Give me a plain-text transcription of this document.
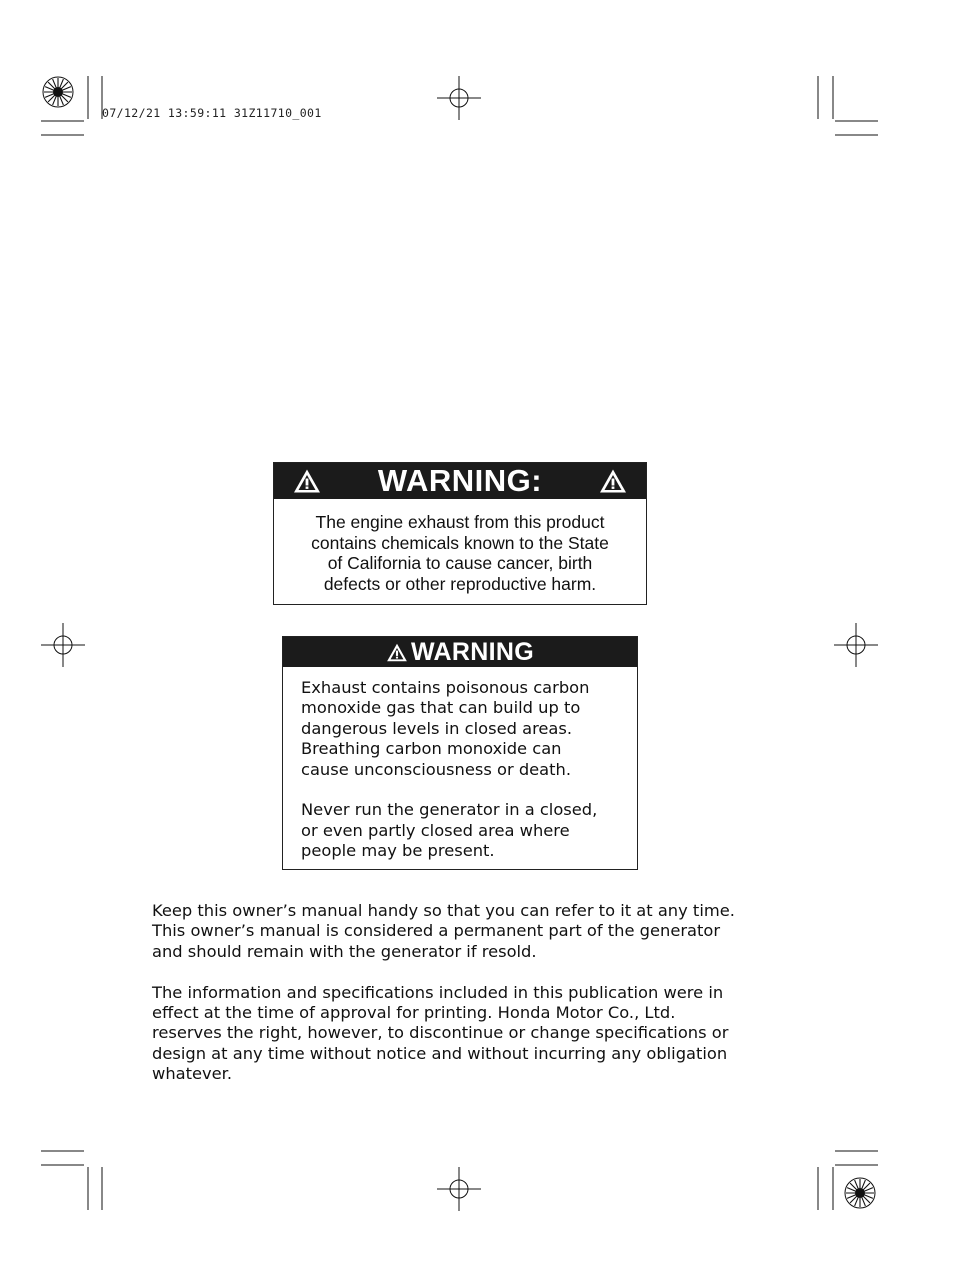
07/12/21 13:59:11 31Z11710_001
WARNING:
The engine exhaust from this product
contains chemicals known to the State
of California to cause cancer, birth
defects or other reproductive harm.
WARNING

Exhaust contains poisonous carbon
monoxide gas that can build up to
dangerous levels in closed areas.
Breathing carbon monoxide can
cause unconsciousness or death.

Never run the generator in a closed,
or even partly closed area where
people may be present.

Keep this owner’s manual handy so that you can refer to it at any time.
This owner’s manual is considered a permanent part of the generator
and should remain with the generator if resold.

The information and specifications included in this publication were in
effect at the time of approval for printing. Honda Motor Co., Ltd.
reserves the right, however, to discontinue or change specifications or
design at any time without notice and without incurring any obligation
whatever.
